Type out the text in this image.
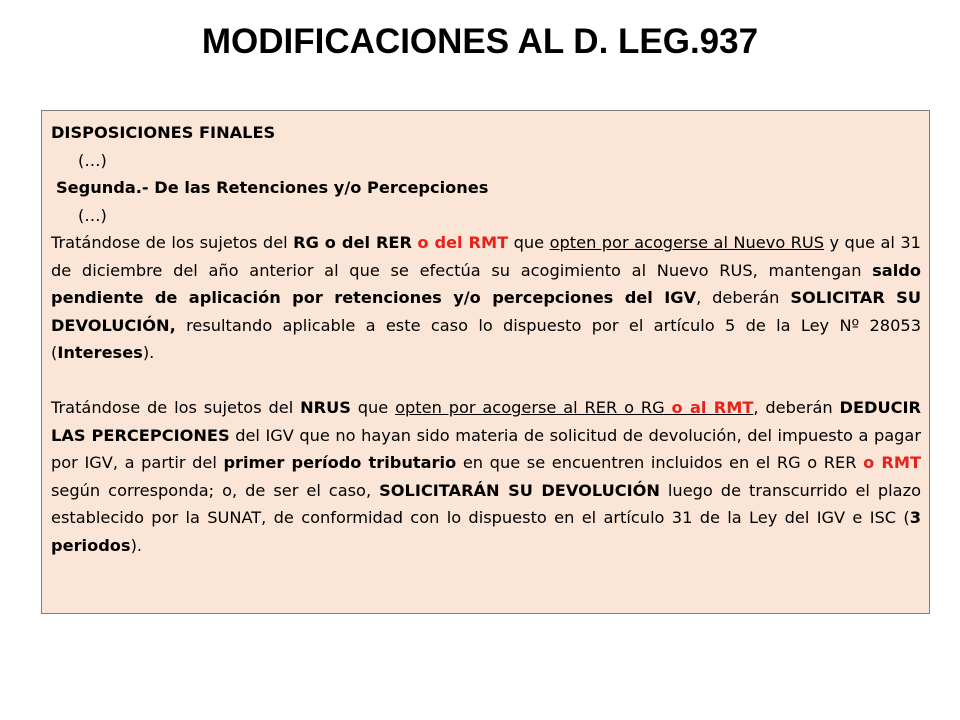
MODIFICACIONES AL D. LEG.937
DISPOSICIONES FINALES
(…)
Segunda.- De las Retenciones y/o Percepciones
(…)

Tratándose de los sujetos del RG o del RER o del RMT que opten por acogerse al Nuevo RUS y que al 31 de diciembre del año anterior al que se efectúa su acogimiento al Nuevo RUS, mantengan saldo pendiente de aplicación por retenciones y/o percepciones del IGV, deberán SOLICITAR SU DEVOLUCIÓN, resultando aplicable a este caso lo dispuesto por el artículo 5 de la Ley Nº 28053 (Intereses).

Tratándose de los sujetos del NRUS que opten por acogerse al RER o RG o al RMT, deberán DEDUCIR LAS PERCEPCIONES del IGV que no hayan sido materia de solicitud de devolución, del impuesto a pagar por IGV, a partir del primer período tributario en que se encuentren incluidos en el RG o RER o RMT según corresponda; o, de ser el caso, SOLICITARÁN SU DEVOLUCIÓN luego de transcurrido el plazo establecido por la SUNAT, de conformidad con lo dispuesto en el artículo 31 de la Ley del IGV e ISC (3 periodos).
